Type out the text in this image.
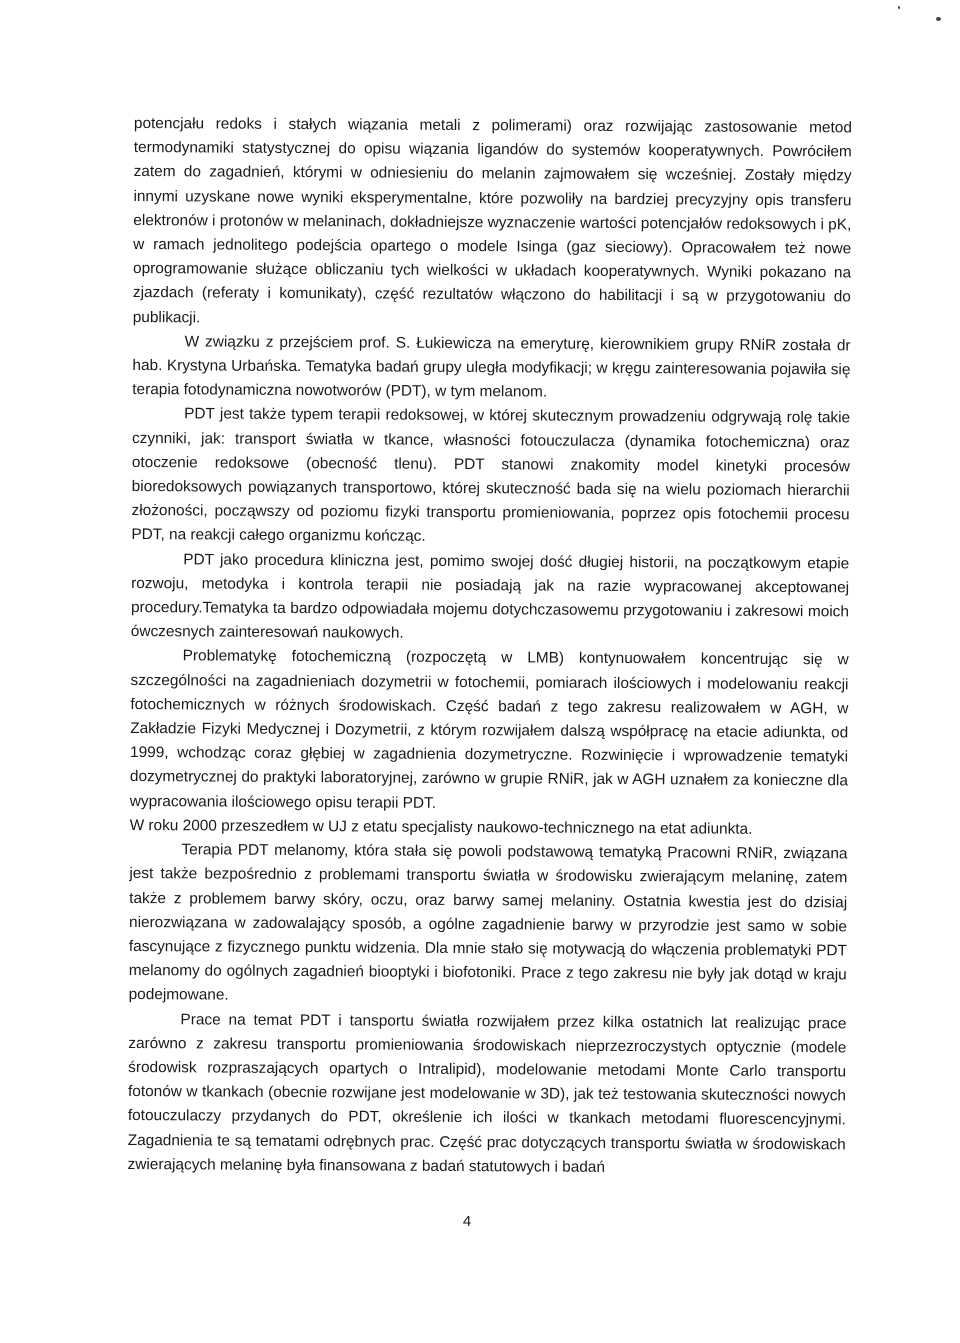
potencjału redoks i stałych wiązania metali z polimerami) oraz rozwijając zastosowanie metod termodynamiki statystycznej do opisu wiązania ligandów do systemów kooperatywnych. Powróciłem zatem do zagadnień, którymi w odniesieniu do melanin zajmowałem się wcześniej. Zostały między innymi uzyskane nowe wyniki eksperymentalne, które pozwoliły na bardziej precyzyjny opis transferu elektronów i protonów w melaninach, dokładniejsze wyznaczenie wartości potencjałów redoksowych i pK, w ramach jednolitego podejścia opartego o modele Isinga (gaz sieciowy). Opracowałem też nowe oprogramowanie służące obliczaniu tych wielkości w układach kooperatywnych. Wyniki pokazano na zjazdach (referaty i komunikaty), część rezultatów włączono do habilitacji i są w przygotowaniu do publikacji.

W związku z przejściem prof. S. Łukiewicza na emeryturę, kierownikiem grupy RNiR została dr hab. Krystyna Urbańska. Tematyka badań grupy uległa modyfikacji; w kręgu zainteresowania pojawiła się terapia fotodynamiczna nowotworów (PDT), w tym melanom.

PDT jest także typem terapii redoksowej, w której skutecznym prowadzeniu odgrywają rolę takie czynniki, jak: transport światła w tkance, własności fotouczulacza (dynamika fotochemiczna) oraz otoczenie redoksowe (obecność tlenu). PDT stanowi znakomity model kinetyki procesów bioredoksowych powiązanych transportowo, której skuteczność bada się na wielu poziomach hierarchii złożoności, począwszy od poziomu fizyki transportu promieniowania, poprzez opis fotochemii procesu PDT, na reakcji całego organizmu kończąc.

PDT jako procedura kliniczna jest, pomimo swojej dość długiej historii, na początkowym etapie rozwoju, metodyka i kontrola terapii nie posiadają jak na razie wypracowanej akceptowanej procedury.Tematyka ta bardzo odpowiadała mojemu dotychczasowemu przygotowaniu i zakresowi moich ówczesnych zainteresowań naukowych.

Problematykę fotochemiczną (rozpoczętą w LMB) kontynuowałem koncentrując się w szczególności na zagadnieniach dozymetrii w fotochemii, pomiarach ilościowych i modelowaniu reakcji fotochemicznych w różnych środowiskach. Część badań z tego zakresu realizowałem w AGH, w Zakładzie Fizyki Medycznej i Dozymetrii, z którym rozwijałem dalszą współpracę na etacie adiunkta, od 1999, wchodząc coraz głębiej w zagadnienia dozymetryczne. Rozwinięcie i wprowadzenie tematyki dozymetrycznej do praktyki laboratoryjnej, zarówno w grupie RNiR, jak w AGH uznałem za konieczne dla wypracowania ilościowego opisu terapii PDT.

W roku 2000 przeszedłem w UJ z etatu specjalisty naukowo-technicznego na etat adiunkta.

Terapia PDT melanomy, która stała się powoli podstawową tematyką Pracowni RNiR, związana jest także bezpośrednio z problemami transportu światła w środowisku zwierającym melaninę, zatem także z problemem barwy skóry, oczu, oraz barwy samej melaniny. Ostatnia kwestia jest do dzisiaj nierozwiązana w zadowalający sposób, a ogólne zagadnienie barwy w przyrodzie jest samo w sobie fascynujące z fizycznego punktu widzenia. Dla mnie stało się motywacją do włączenia problematyki PDT melanomy do ogólnych zagadnień biooptyki i biofotoniki. Prace z tego zakresu nie były jak dotąd w kraju podejmowane.

Prace na temat PDT i tansportu światła rozwijałem przez kilka ostatnich lat realizując prace zarówno z zakresu transportu promieniowania środowiskach nieprzezroczystych optycznie (modele środowisk rozpraszających opartych o Intralipid), modelowanie metodami Monte Carlo transportu fotonów w tkankach (obecnie rozwijane jest modelowanie w 3D), jak też testowania skuteczności nowych fotouczulaczy przydanych do PDT, określenie ich ilości w tkankach metodami fluorescencyjnymi. Zagadnienia te są tematami odrębnych prac. Część prac dotyczących transportu światła w środowiskach zwierających melaninę była finansowana z badań statutowych i badań

4
